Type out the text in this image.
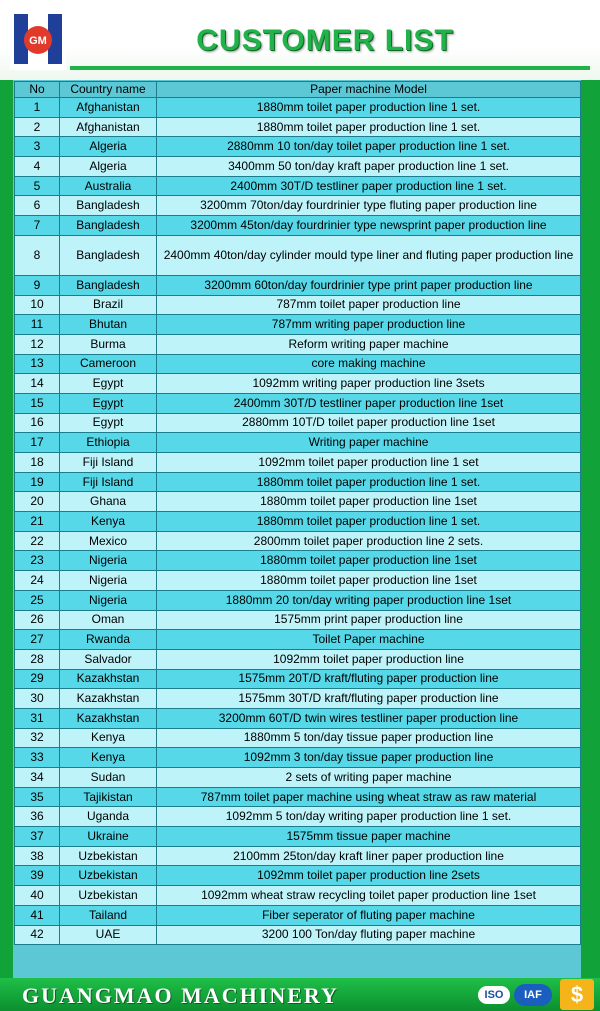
GM	CUSTOMER LIST
No	Country name	Paper machine Model
1	Afghanistan	1880mm toilet paper production line 1 set.
2	Afghanistan	1880mm toilet paper production line 1 set.
3	Algeria	2880mm 10 ton/day toilet paper production line 1 set.
4	Algeria	3400mm 50 ton/day kraft paper production line 1 set.
5	Australia	2400mm 30T/D testliner paper production line 1 set.
6	Bangladesh	3200mm 70ton/day fourdrinier type fluting paper production line
7	Bangladesh	3200mm 45ton/day fourdrinier type newsprint paper production line
8	Bangladesh	2400mm 40ton/day cylinder mould type liner and fluting paper production line
9	Bangladesh	3200mm 60ton/day fourdrinier type print paper production line
10	Brazil	787mm toilet paper production line
11	Bhutan	787mm writing paper production line
12	Burma	Reform writing paper machine
13	Cameroon	core making machine
14	Egypt	1092mm writing paper production line 3sets
15	Egypt	2400mm 30T/D testliner paper production line 1set
16	Egypt	2880mm 10T/D toilet paper production line 1set
17	Ethiopia	Writing paper machine
18	Fiji Island	1092mm toilet paper production line 1 set
19	Fiji Island	1880mm toilet paper production line 1 set.
20	Ghana	1880mm toilet paper production line 1set
21	Kenya	1880mm toilet paper production line 1 set.
22	Mexico	2800mm toilet paper production line 2 sets.
23	Nigeria	1880mm toilet paper production line 1set
24	Nigeria	1880mm toilet paper production line 1set
25	Nigeria	1880mm 20 ton/day writing paper production line 1set
26	Oman	1575mm print paper production line
27	Rwanda	Toilet Paper machine
28	Salvador	1092mm toilet paper production line
29	Kazakhstan	1575mm 20T/D kraft/fluting paper production line
30	Kazakhstan	1575mm 30T/D kraft/fluting paper production line
31	Kazakhstan	3200mm 60T/D twin wires testliner paper production line
32	Kenya	1880mm 5 ton/day tissue paper production line
33	Kenya	1092mm 3 ton/day tissue paper production line
34	Sudan	2 sets of writing paper machine
35	Tajikistan	787mm toilet paper machine using wheat straw as raw material
36	Uganda	1092mm 5 ton/day writing paper production line 1 set.
37	Ukraine	1575mm tissue paper machine
38	Uzbekistan	2100mm 25ton/day kraft liner paper production line
39	Uzbekistan	1092mm toilet paper production line 2sets
40	Uzbekistan	1092mm wheat straw recycling toilet paper production line 1set
41	Tailand	Fiber seperator of fluting paper machine
42	UAE	3200 100 Ton/day fluting paper machine
GUANGMAO MACHINERY	ISO	IAF	$
